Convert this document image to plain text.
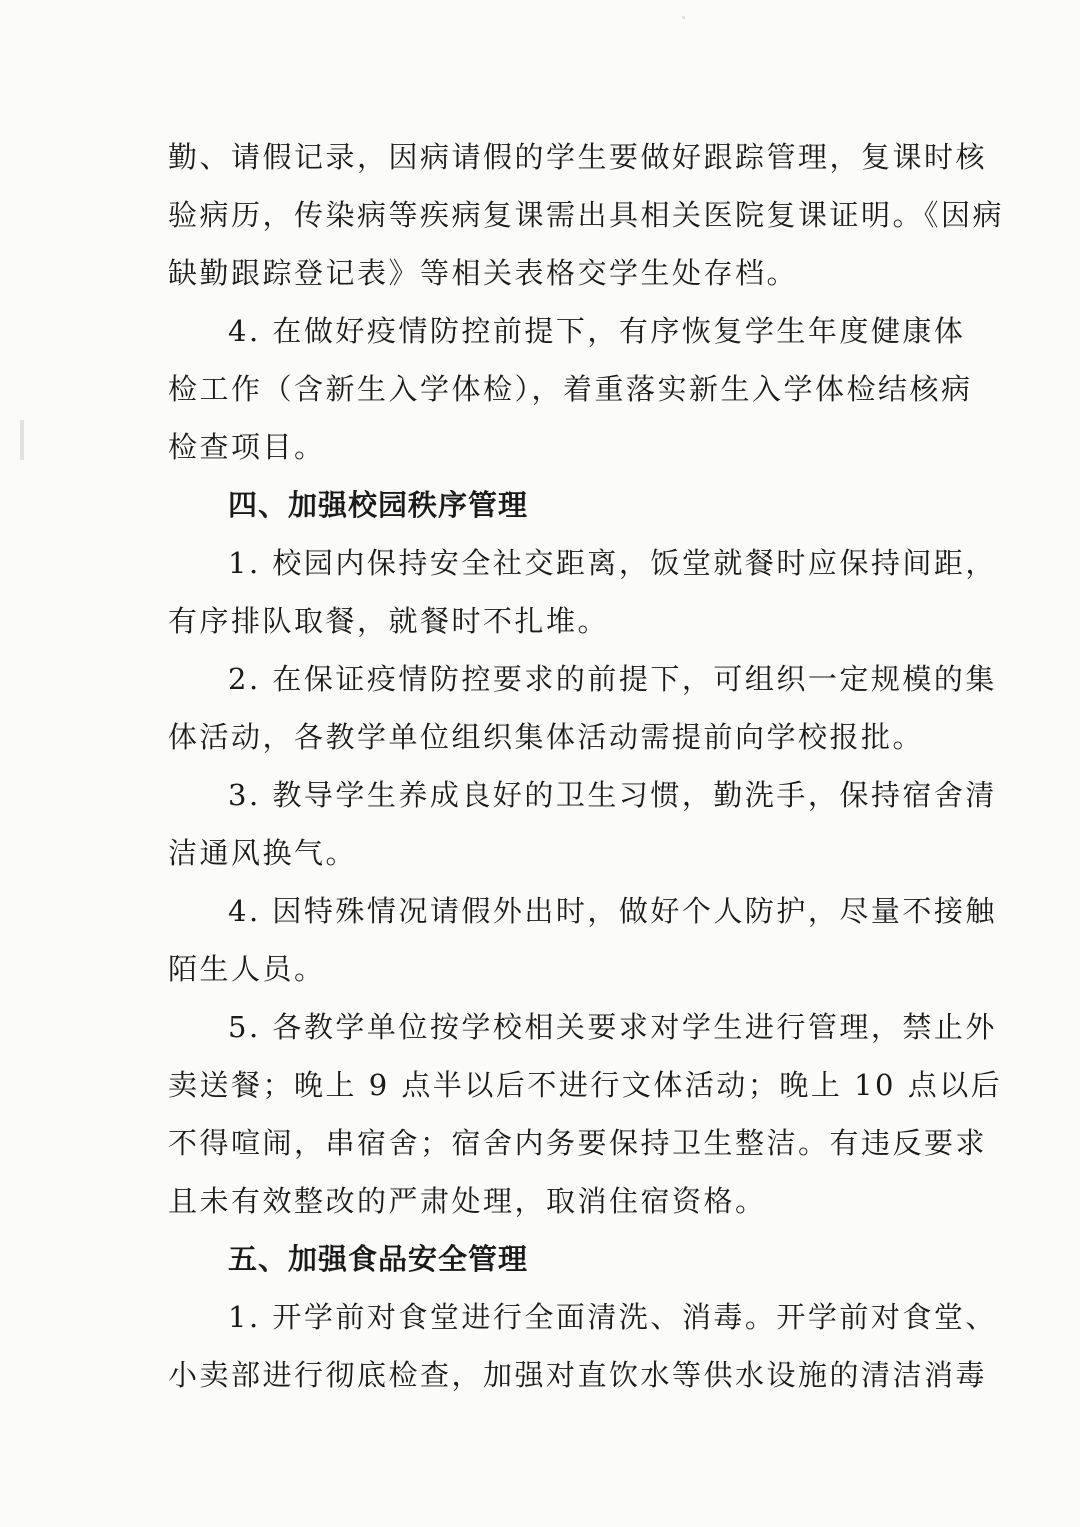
勤、请假记录，因病请假的学生要做好跟踪管理，复课时核
验病历，传染病等疾病复课需出具相关医院复课证明。《因病
缺勤跟踪登记表》等相关表格交学生处存档。
4. 在做好疫情防控前提下，有序恢复学生年度健康体
检工作（含新生入学体检），着重落实新生入学体检结核病
检查项目。
四、加强校园秩序管理
1. 校园内保持安全社交距离，饭堂就餐时应保持间距，
有序排队取餐，就餐时不扎堆。
2. 在保证疫情防控要求的前提下，可组织一定规模的集
体活动，各教学单位组织集体活动需提前向学校报批。
3. 教导学生养成良好的卫生习惯，勤洗手，保持宿舍清
洁通风换气。
4. 因特殊情况请假外出时，做好个人防护，尽量不接触
陌生人员。
5. 各教学单位按学校相关要求对学生进行管理，禁止外
卖送餐；晚上 9 点半以后不进行文体活动；晚上 10 点以后
不得喧闹，串宿舍；宿舍内务要保持卫生整洁。有违反要求
且未有效整改的严肃处理，取消住宿资格。
五、加强食品安全管理
1. 开学前对食堂进行全面清洗、消毒。开学前对食堂、
小卖部进行彻底检查，加强对直饮水等供水设施的清洁消毒
